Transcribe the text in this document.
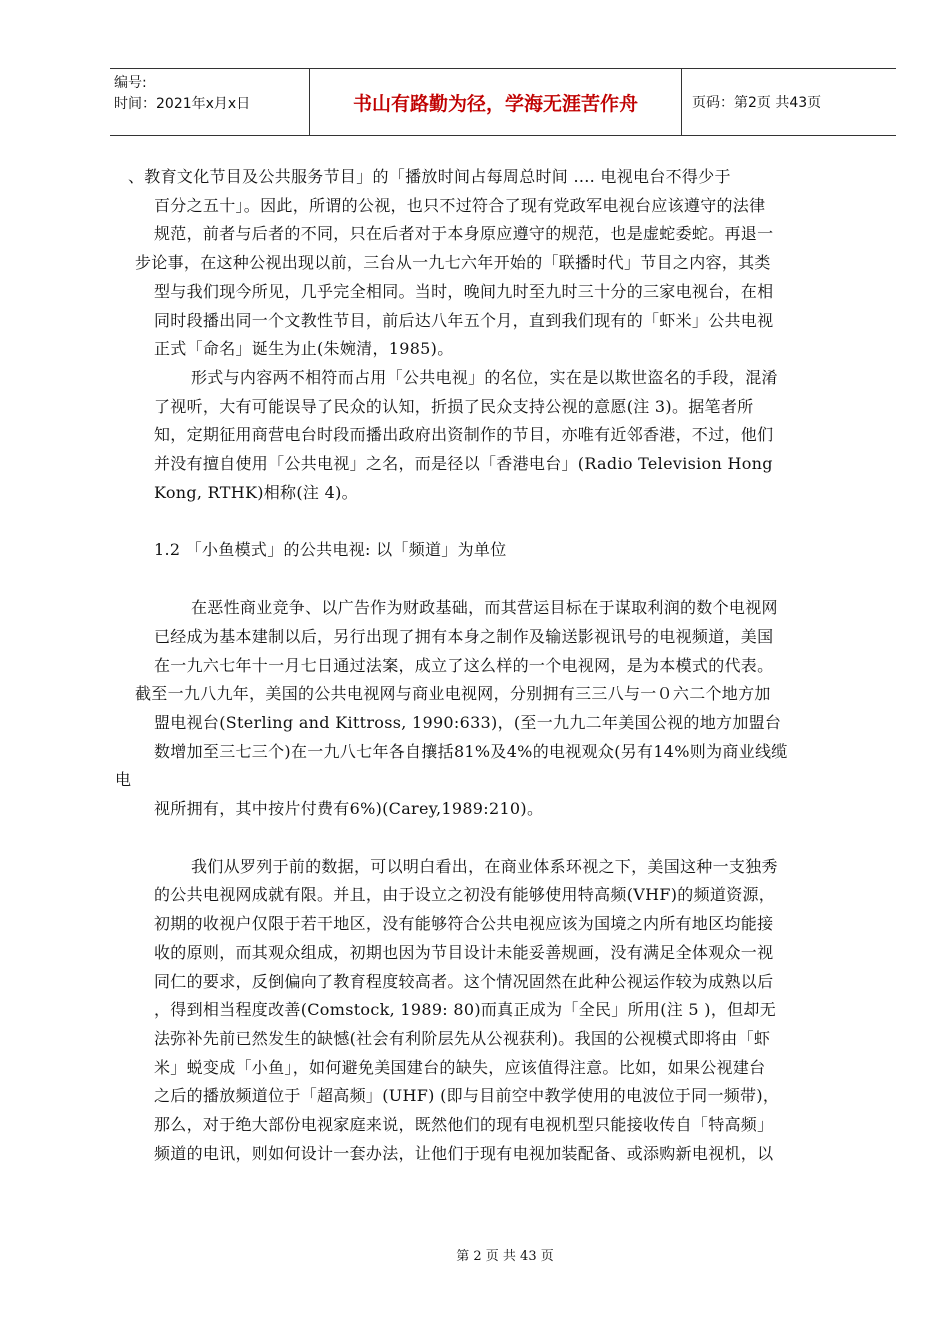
编号:
时间：2021年x月x日	书山有路勤为径，学海无涯苦作舟	页码：第2页 共43页
、教育文化节目及公共服务节目」的「播放时间占每周总时间 .... 电视电台不得少于
百分之五十」。因此，所谓的公视，也只不过符合了现有党政军电视台应该遵守的法律
规范，前者与后者的不同，只在后者对于本身原应遵守的规范，也是虚蛇委蛇。再退一
步论事，在这种公视出现以前，三台从一九七六年开始的「联播时代」节目之内容，其类
型与我们现今所见，几乎完全相同。当时，晚间九时至九时三十分的三家电视台，在相
同时段播出同一个文教性节目，前后达八年五个月，直到我们现有的「虾米」公共电视
正式「命名」诞生为止(朱婉清，1985)。
形式与内容两不相符而占用「公共电视」的名位，实在是以欺世盗名的手段，混淆
了视听，大有可能误导了民众的认知，折损了民众支持公视的意愿(注 3)。据笔者所
知，定期征用商营电台时段而播出政府出资制作的节目，亦唯有近邻香港，不过，他们
并没有擅自使用「公共电视」之名，而是径以「香港电台」(Radio Television Hong
Kong, RTHK)相称(注 4)。
1.2 「小鱼模式」的公共电视: 以「频道」为单位
在恶性商业竞争、以广告作为财政基础，而其营运目标在于谋取利润的数个电视网
已经成为基本建制以后，另行出现了拥有本身之制作及输送影视讯号的电视频道，美国
在一九六七年十一月七日通过法案，成立了这么样的一个电视网，是为本模式的代表。
截至一九八九年，美国的公共电视网与商业电视网，分别拥有三三八与一０六二个地方加
盟电视台(Sterling and Kittross, 1990:633)，(至一九九二年美国公视的地方加盟台
数增加至三七三个)在一九八七年各自攘括81%及4%的电视观众(另有14%则为商业线缆
电
视所拥有，其中按片付费有6%)(Carey,1989:210)。
我们从罗列于前的数据，可以明白看出，在商业体系环视之下，美国这种一支独秀
的公共电视网成就有限。并且，由于设立之初没有能够使用特高频(VHF)的频道资源，
初期的收视户仅限于若干地区，没有能够符合公共电视应该为国境之内所有地区均能接
收的原则，而其观众组成，初期也因为节目设计未能妥善规画，没有满足全体观众一视
同仁的要求，反倒偏向了教育程度较高者。这个情况固然在此种公视运作较为成熟以后
，得到相当程度改善(Comstock, 1989: 80)而真正成为「全民」所用(注 5 )，但却无
法弥补先前已然发生的缺憾(社会有利阶层先从公视获利)。我国的公视模式即将由「虾
米」蜕变成「小鱼」，如何避免美国建台的缺失，应该值得注意。比如，如果公视建台
之后的播放频道位于「超高频」(UHF) (即与目前空中教学使用的电波位于同一频带)，
那么，对于绝大部份电视家庭来说，既然他们的现有电视机型只能接收传自「特高频」
频道的电讯，则如何设计一套办法，让他们于现有电视加装配备、或添购新电视机，以
第 2 页 共 43 页
